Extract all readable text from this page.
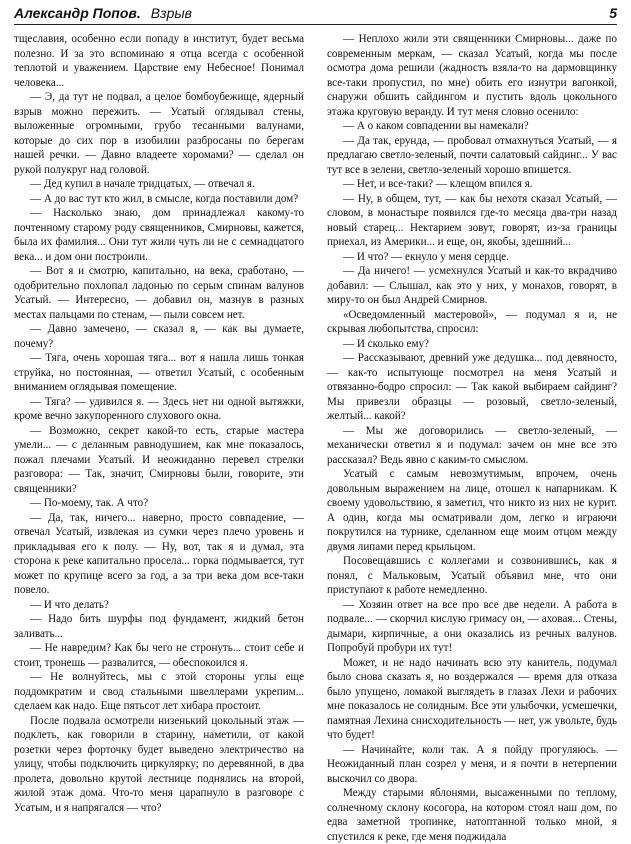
Александр Попов. Взрыв	5

тщеславия, особенно если попаду в институт, будет весьма полезно. И за это вспоминаю я отца всегда с особенной теплотой и уважением. Царствие ему Небесное! Понимал человека...

— Э, да тут не подвал, а целое бомбоубежище, ядерный взрыв можно пережить. — Усатый оглядывал стены, выложенные огромными, грубо тесанными валунами, которые до сих пор в изобилии разбросаны по берегам нашей речки. — Давно владеете хоромами? — сделал он рукой полукруг над головой.

— Дед купил в начале тридцатых, — отвечал я.

— А до вас тут кто жил, в смысле, когда поставили дом?

— Насколько знаю, дом принадлежал какому-то почтенному старому роду священников, Смирновы, кажется, была их фамилия... Они тут жили чуть ли не с семнадцатого века... и дом они построили.

— Вот я и смотрю, капитально, на века, сработано, — одобрительно похлопал ладонью по серым спинам валунов Усатый. — Интересно, — добавил он, мазнув в разных местах пальцами по стенам, — пыли совсем нет.

— Давно замечено, — сказал я, — как вы думаете, почему?

— Тяга, очень хорошая тяга... вот я нашла лишь тонкая струйка, но постоянная, — ответил Усатый, с особенным вниманием оглядывая помещение.

— Тяга? — удивился я. — Здесь нет ни одной вытяжки, кроме вечно закупоренного слухового окна.

— Возможно, секрет какой-то есть, старые мастера умели... — с деланным равнодушием, как мне показалось, пожал плечами Усатый. И неожиданно перевел стрелки разговора: — Так, значит, Смирновы были, говорите, эти священники?

— По-моему, так. А что?

— Да, так, ничего... наверно, просто совпадение, — отвечал Усатый, извлекая из сумки через плечо уровень и прикладывая его к полу. — Ну, вот, так я и думал, эта сторона к реке капитально просела... горка подмывается, тут может по крупице всего за год, а за три века дом все-таки повело.

— И что делать?

— Надо бить шурфы под фундамент, жидкий бетон заливать...

— Не навредим? Как бы чего не стронуть... стоит себе и стоит, тронешь — развалится, — обеспокоился я.

— Не волнуйтесь, мы с этой стороны углы еще поддомкратим и свод стальными швеллерами укрепим... сделаем как надо. Еще пятьсот лет хибара простоит.

После подвала осмотрели низенький цокольный этаж — подклеть, как говорили в старину, наметили, от какой розетки через форточку будет выведено электричество на улицу, чтобы подключить циркулярку; по деревянной, в два пролета, довольно крутой лестнице поднялись на второй, жилой этаж дома. Что-то меня царапнуло в разговоре с Усатым, и я напрягался — что?

— Неплохо жили эти священники Смирновы... даже по современным меркам, — сказал Усатый, когда мы после осмотра дома решили (жадность взяла-то на дармовщинку все-таки пропустил, по мне) обить его изнутри вагонкой, снаружи обшить сайдингом и пустить вдоль цокольного этажа круговую веранду. И тут меня словно осенило:

— А о каком совпадении вы намекали?

— Да так, ерунда, — пробовал отмахнуться Усатый, — я предлагаю светло-зеленый, почти салатовый сайдинг... У вас тут все в зелени, светло-зеленый хорошо впишется.

— Нет, и все-таки? — клещом впился я.

— Ну, в общем, тут, — как бы нехотя сказал Усатый, — словом, в монастыре появился где-то месяца два-три назад новый старец... Нектарием зовут, говорят, из-за границы приехал, из Америки... и еще, он, якобы, здешний...

— И что? — екнуло у меня сердце.

— Да ничего! — усмехнулся Усатый и как-то вкрадчиво добавил: — Слышал, как это у них, у монахов, говорят, в миру-то он был Андрей Смирнов.

«Осведомленный мастеровой», — подумал я и, не скрывая любопытства, спросил:

— И сколько ему?

— Рассказывают, древний уже дедушка... под девяносто, — как-то испытующе посмотрел на меня Усатый и отвязанно-бодро спросил: — Так какой выбираем сайдинг? Мы привезли образцы — розовый, светло-зеленый, желтый... какой?

— Мы же договорились — светло-зеленый, — механически ответил я и подумал: зачем он мне все это рассказал? Ведь явно с каким-то смыслом.

Усатый с самым невозмутимым, впрочем, очень довольным выражением на лице, отошел к напарникам. К своему удовольствию, я заметил, что никто из них не курит. А один, когда мы осматривали дом, легко и играючи покрутился на турнике, сделанном еще моим отцом между двумя липами перед крыльцом.

Посовещавшись с коллегами и созвонившись, как я понял, с Мальковым, Усатый объявил мне, что они приступают к работе немедленно.

— Хозяин ответ на все про все две недели. А работа в подвале... — скорчил кислую гримасу он, — аховая... Стены, дымари, кирпичные, а они оказались из речных валунов. Попробуй пробури их тут!

Может, и не надо начинать всю эту канитель, подумал было снова сказать я, но воздержался — время для отказа было упущено, ломакой выглядеть в глазах Лехи и рабочих мне показалось не солидным. Все эти улыбочки, усмешечки, памятная Лехина снисходительность — нет, уж увольте, будь что будет!

— Начинайте, коли так. А я пойду прогуляюсь. — Неожиданный план созрел у меня, и я почти в нетерпении выскочил со двора.

Между старыми яблонями, высаженными по теплому, солнечному склону косогора, на котором стоял наш дом, по едва заметной тропинке, натоптанной только мной, я спустился к реке, где меня поджидала
